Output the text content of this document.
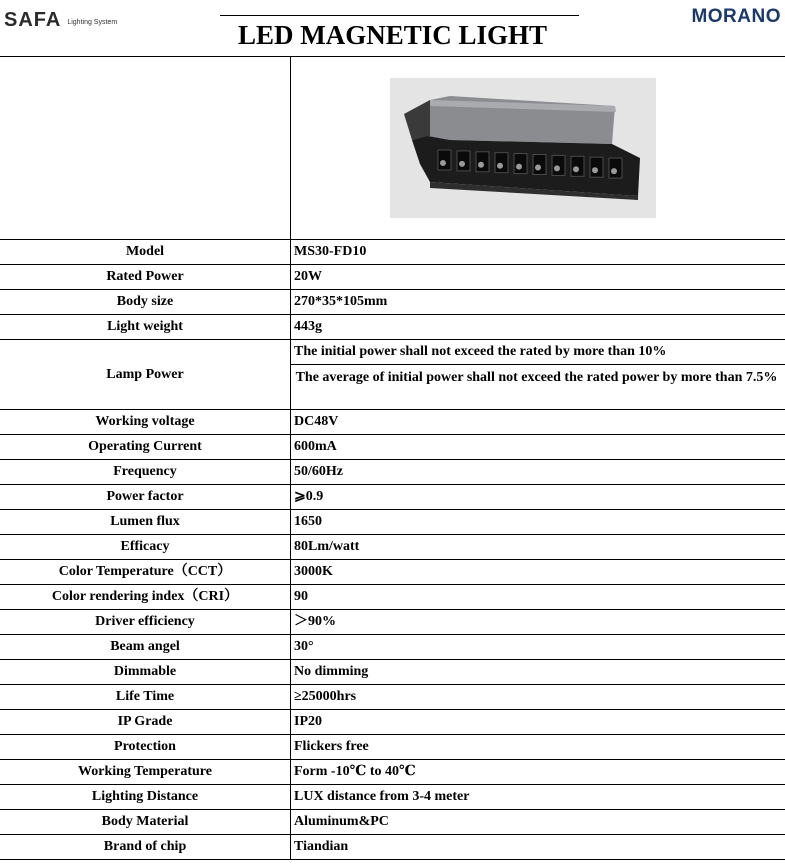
SAFA Lighting System	MORANO
LED MAGNETIC LIGHT

Model	MS30-FD10
Rated Power	20W
Body size	270*35*105mm
Light weight	443g
Lamp Power	The initial power shall not exceed the rated by more than 10%
	The average of initial power shall not exceed the rated power by more than 7.5%
Working voltage	DC48V
Operating Current	600mA
Frequency	50/60Hz
Power factor	⩾0.9
Lumen flux	1650
Efficacy	80Lm/watt
Color Temperature（CCT）	3000K
Color rendering index（CRI）	90
Driver efficiency	＞90%
Beam angel	30°
Dimmable	No dimming
Life Time	≥25000hrs
IP Grade	IP20
Protection	Flickers free
Working Temperature	Form -10℃ to 40℃
Lighting Distance	LUX distance from 3-4 meter
Body Material	Aluminum&PC
Brand of chip	Tiandian
